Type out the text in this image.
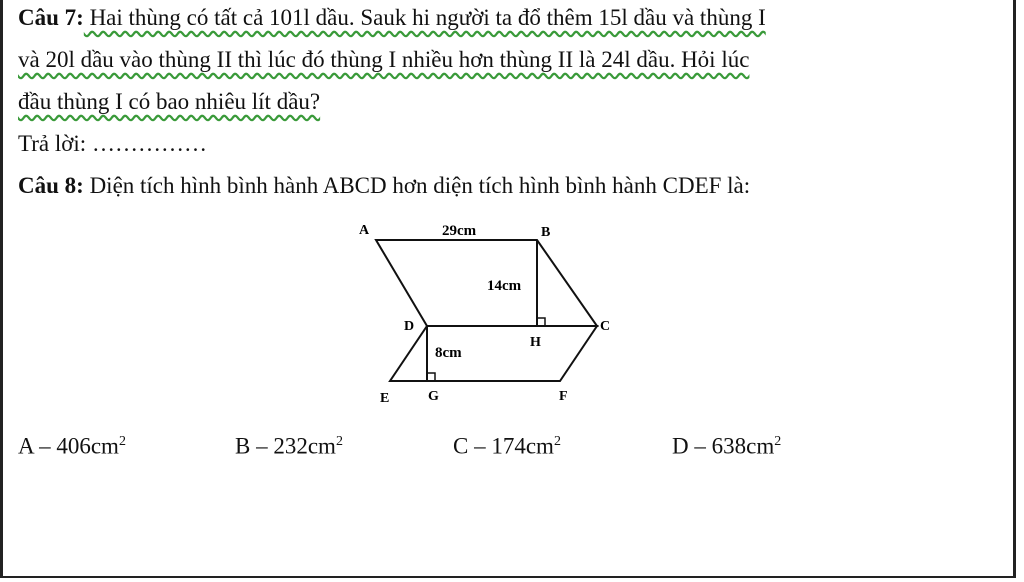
Câu 7: Hai thùng có tất cả 101l dầu. Sauk hi người ta đổ thêm 15l dầu và thùng I
và 20l dầu vào thùng II thì lúc đó thùng I nhiều hơn thùng II là 24l dầu. Hỏi lúc
đầu thùng I có bao nhiêu lít dầu?
Trả lời: ……………
Câu 8: Diện tích hình bình hành ABCD hơn diện tích hình bình hành CDEF là:
A	B
C
D
E	G	F
H
29cm
14cm
8cm
A – $406cm^2$	B – $232cm^2$	C – $174cm^2$	D – $638cm^2$
